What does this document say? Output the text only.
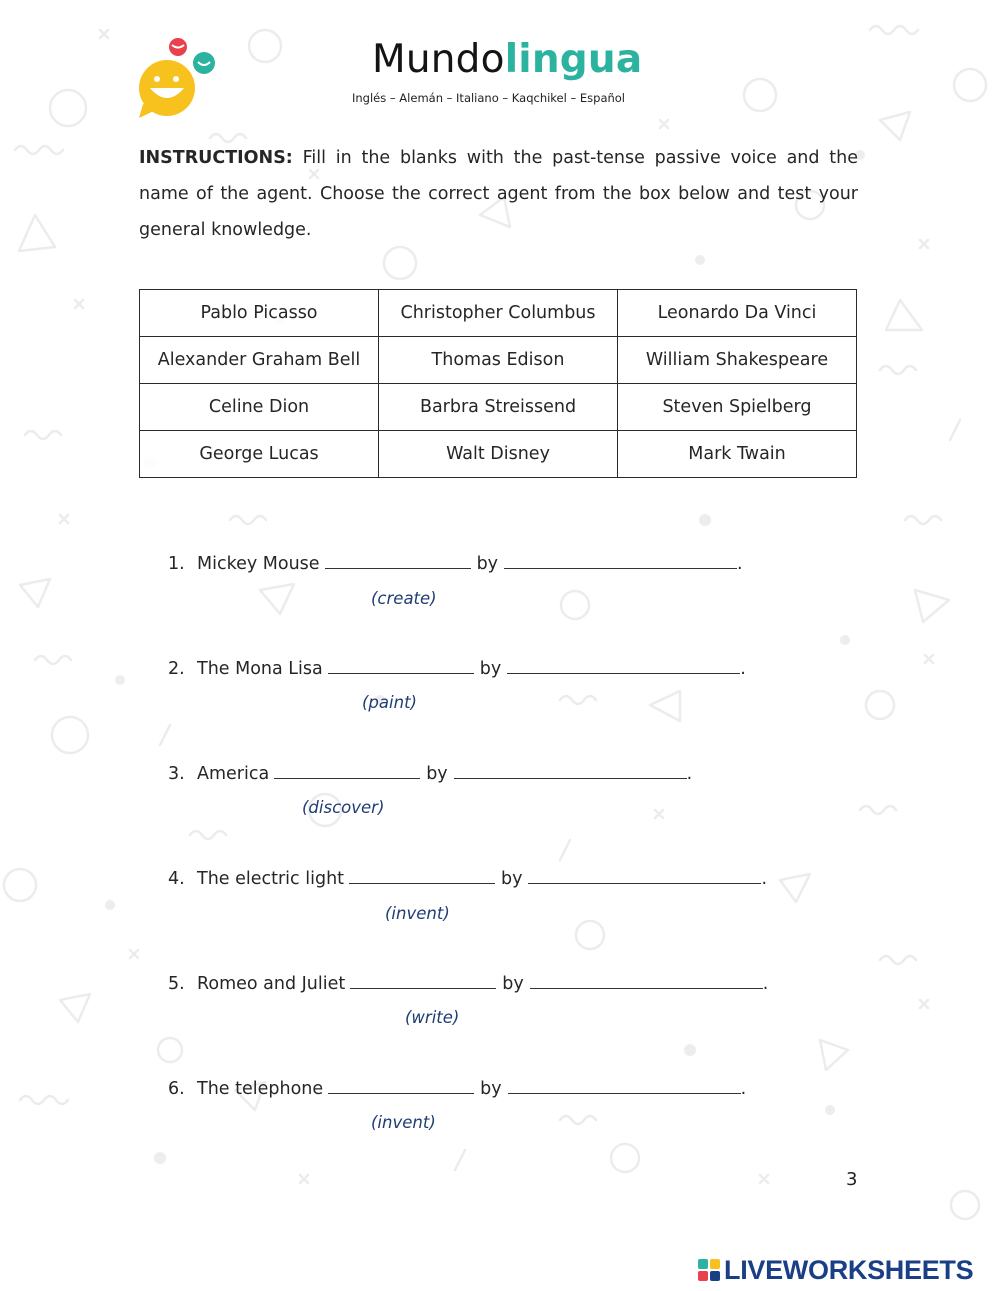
Mundolingua
Inglés – Alemán – Italiano – Kaqchikel – Español
INSTRUCTIONS: Fill in the blanks with the past-tense passive voice and the name of the agent. Choose the correct agent from the box below and test your general knowledge.
Pablo Picasso	Christopher Columbus	Leonardo Da Vinci
Alexander Graham Bell	Thomas Edison	William Shakespeare
Celine Dion	Barbra Streissend	Steven Spielberg
George Lucas	Walt Disney	Mark Twain
1. Mickey Mouse	by	.
(create)
2. The Mona Lisa	by	.
(paint)
3. America	by	.
(discover)
4. The electric light	by	.
(invent)
5. Romeo and Juliet	by	.
(write)
6. The telephone	by	.
(invent)
3
LIVEWORKSHEETS
